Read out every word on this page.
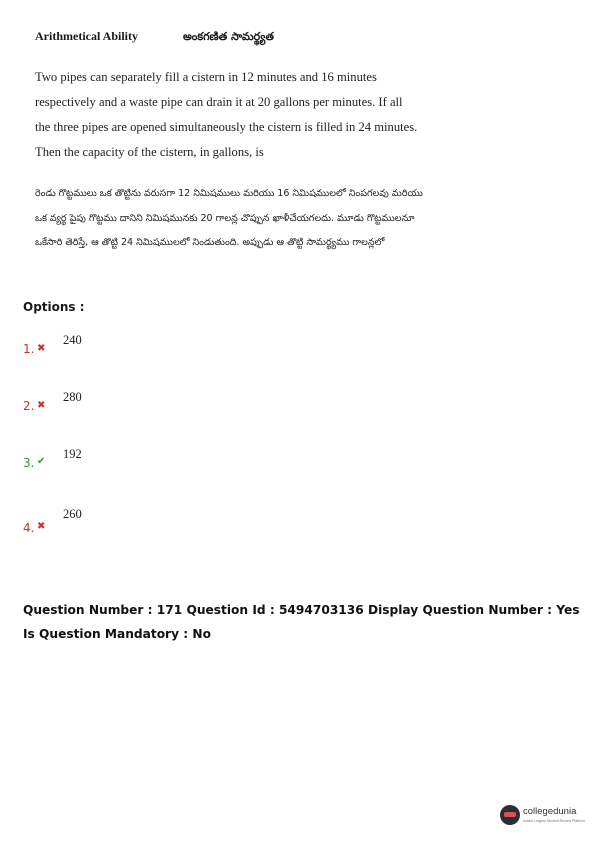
Arithmetical Ability	అంకగణిత సామర్థ్యత
Two pipes can separately fill a cistern in 12 minutes and 16 minutes respectively and a waste pipe can drain it at 20 gallons per minutes. If all the three pipes are opened simultaneously the cistern is filled in 24 minutes. Then the capacity of the cistern, in gallons, is
రెండు గొట్టములు ఒక తొట్టిను వరుసగా 12 నిమిషములు మరియు 16 నిమిషములలో నింపగలవు మరియు ఒక వ్యర్థ పైపు గొట్టము దానిని నిమిషమునకు 20 గాలన్ల చొప్పున ఖాళీచేయగలదు. మూడు గొట్టములనూ ఒకేసారి తెరిస్తే, ఆ తొట్టి 24 నిమిషములలో నిండుతుంది. అప్పుడు ఆ తొట్టి సామర్థ్యము గాలన్లలో
Options :
1. ✖
240
2. ✖
280
3. ✔
192
4. ✖
260
Question Number : 171 Question Id : 5494703136 Display Question Number : Yes Is Question Mandatory : No
collegedunia
India's Largest Student Review Platform
